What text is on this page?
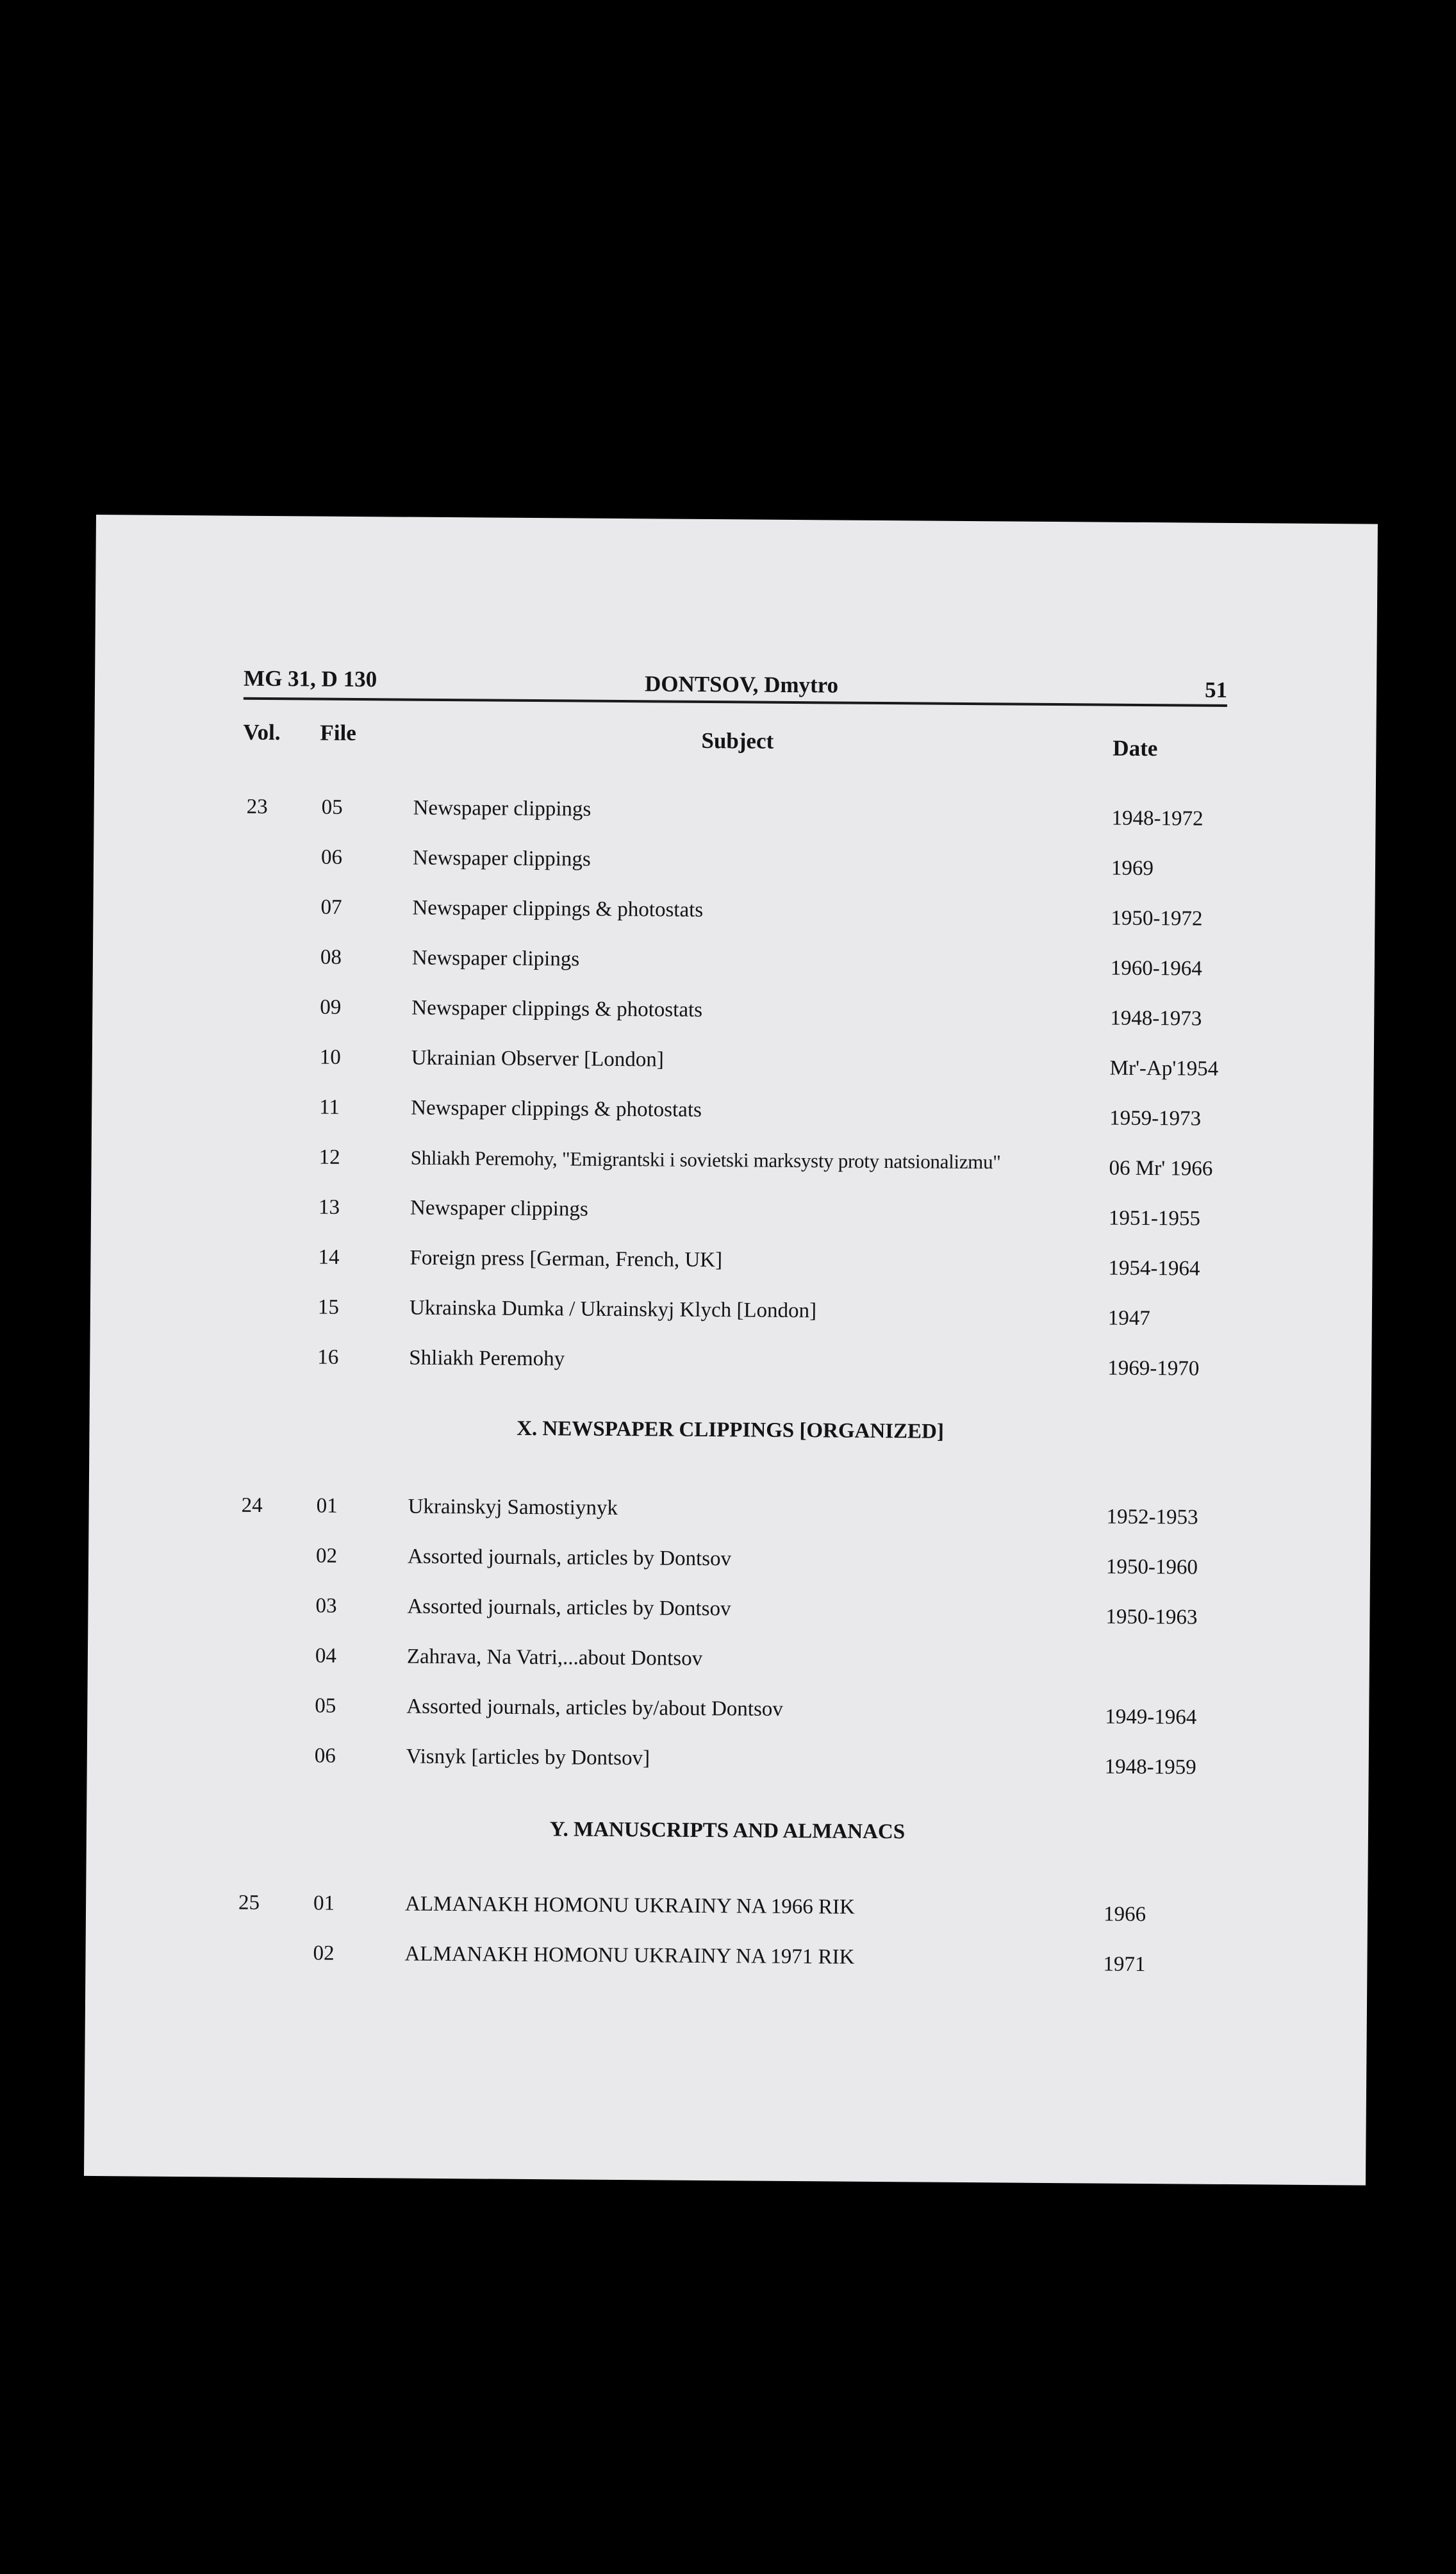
MG 31, D 130	DONTSOV, Dmytro	51
Vol. File	Subject	Date
23	05	Newspaper clippings	1948-1972
06	Newspaper clippings	1969
07	Newspaper clippings & photostats	1950-1972
08	Newspaper clipings	1960-1964
09	Newspaper clippings & photostats	1948-1973
10	Ukrainian Observer [London]	Mr'-Ap'1954
11	Newspaper clippings & photostats	1959-1973
12	Shliakh Peremohy, "Emigrantski i sovietski marksysty proty natsionalizmu"	06 Mr' 1966
13	Newspaper clippings	1951-1955
14	Foreign press [German, French, UK]	1954-1964
15	Ukrainska Dumka / Ukrainskyj Klych [London]	1947
16	Shliakh Peremohy	1969-1970
X. NEWSPAPER CLIPPINGS [ORGANIZED]
24	01	Ukrainskyj Samostiynyk	1952-1953
02	Assorted journals, articles by Dontsov	1950-1960
03	Assorted journals, articles by Dontsov	1950-1963
04	Zahrava, Na Vatri,...about Dontsov
05	Assorted journals, articles by/about Dontsov	1949-1964
06	Visnyk [articles by Dontsov]	1948-1959
Y. MANUSCRIPTS AND ALMANACS
25	01	ALMANAKH HOMONU UKRAINY NA 1966 RIK	1966
02	ALMANAKH HOMONU UKRAINY NA 1971 RIK	1971
